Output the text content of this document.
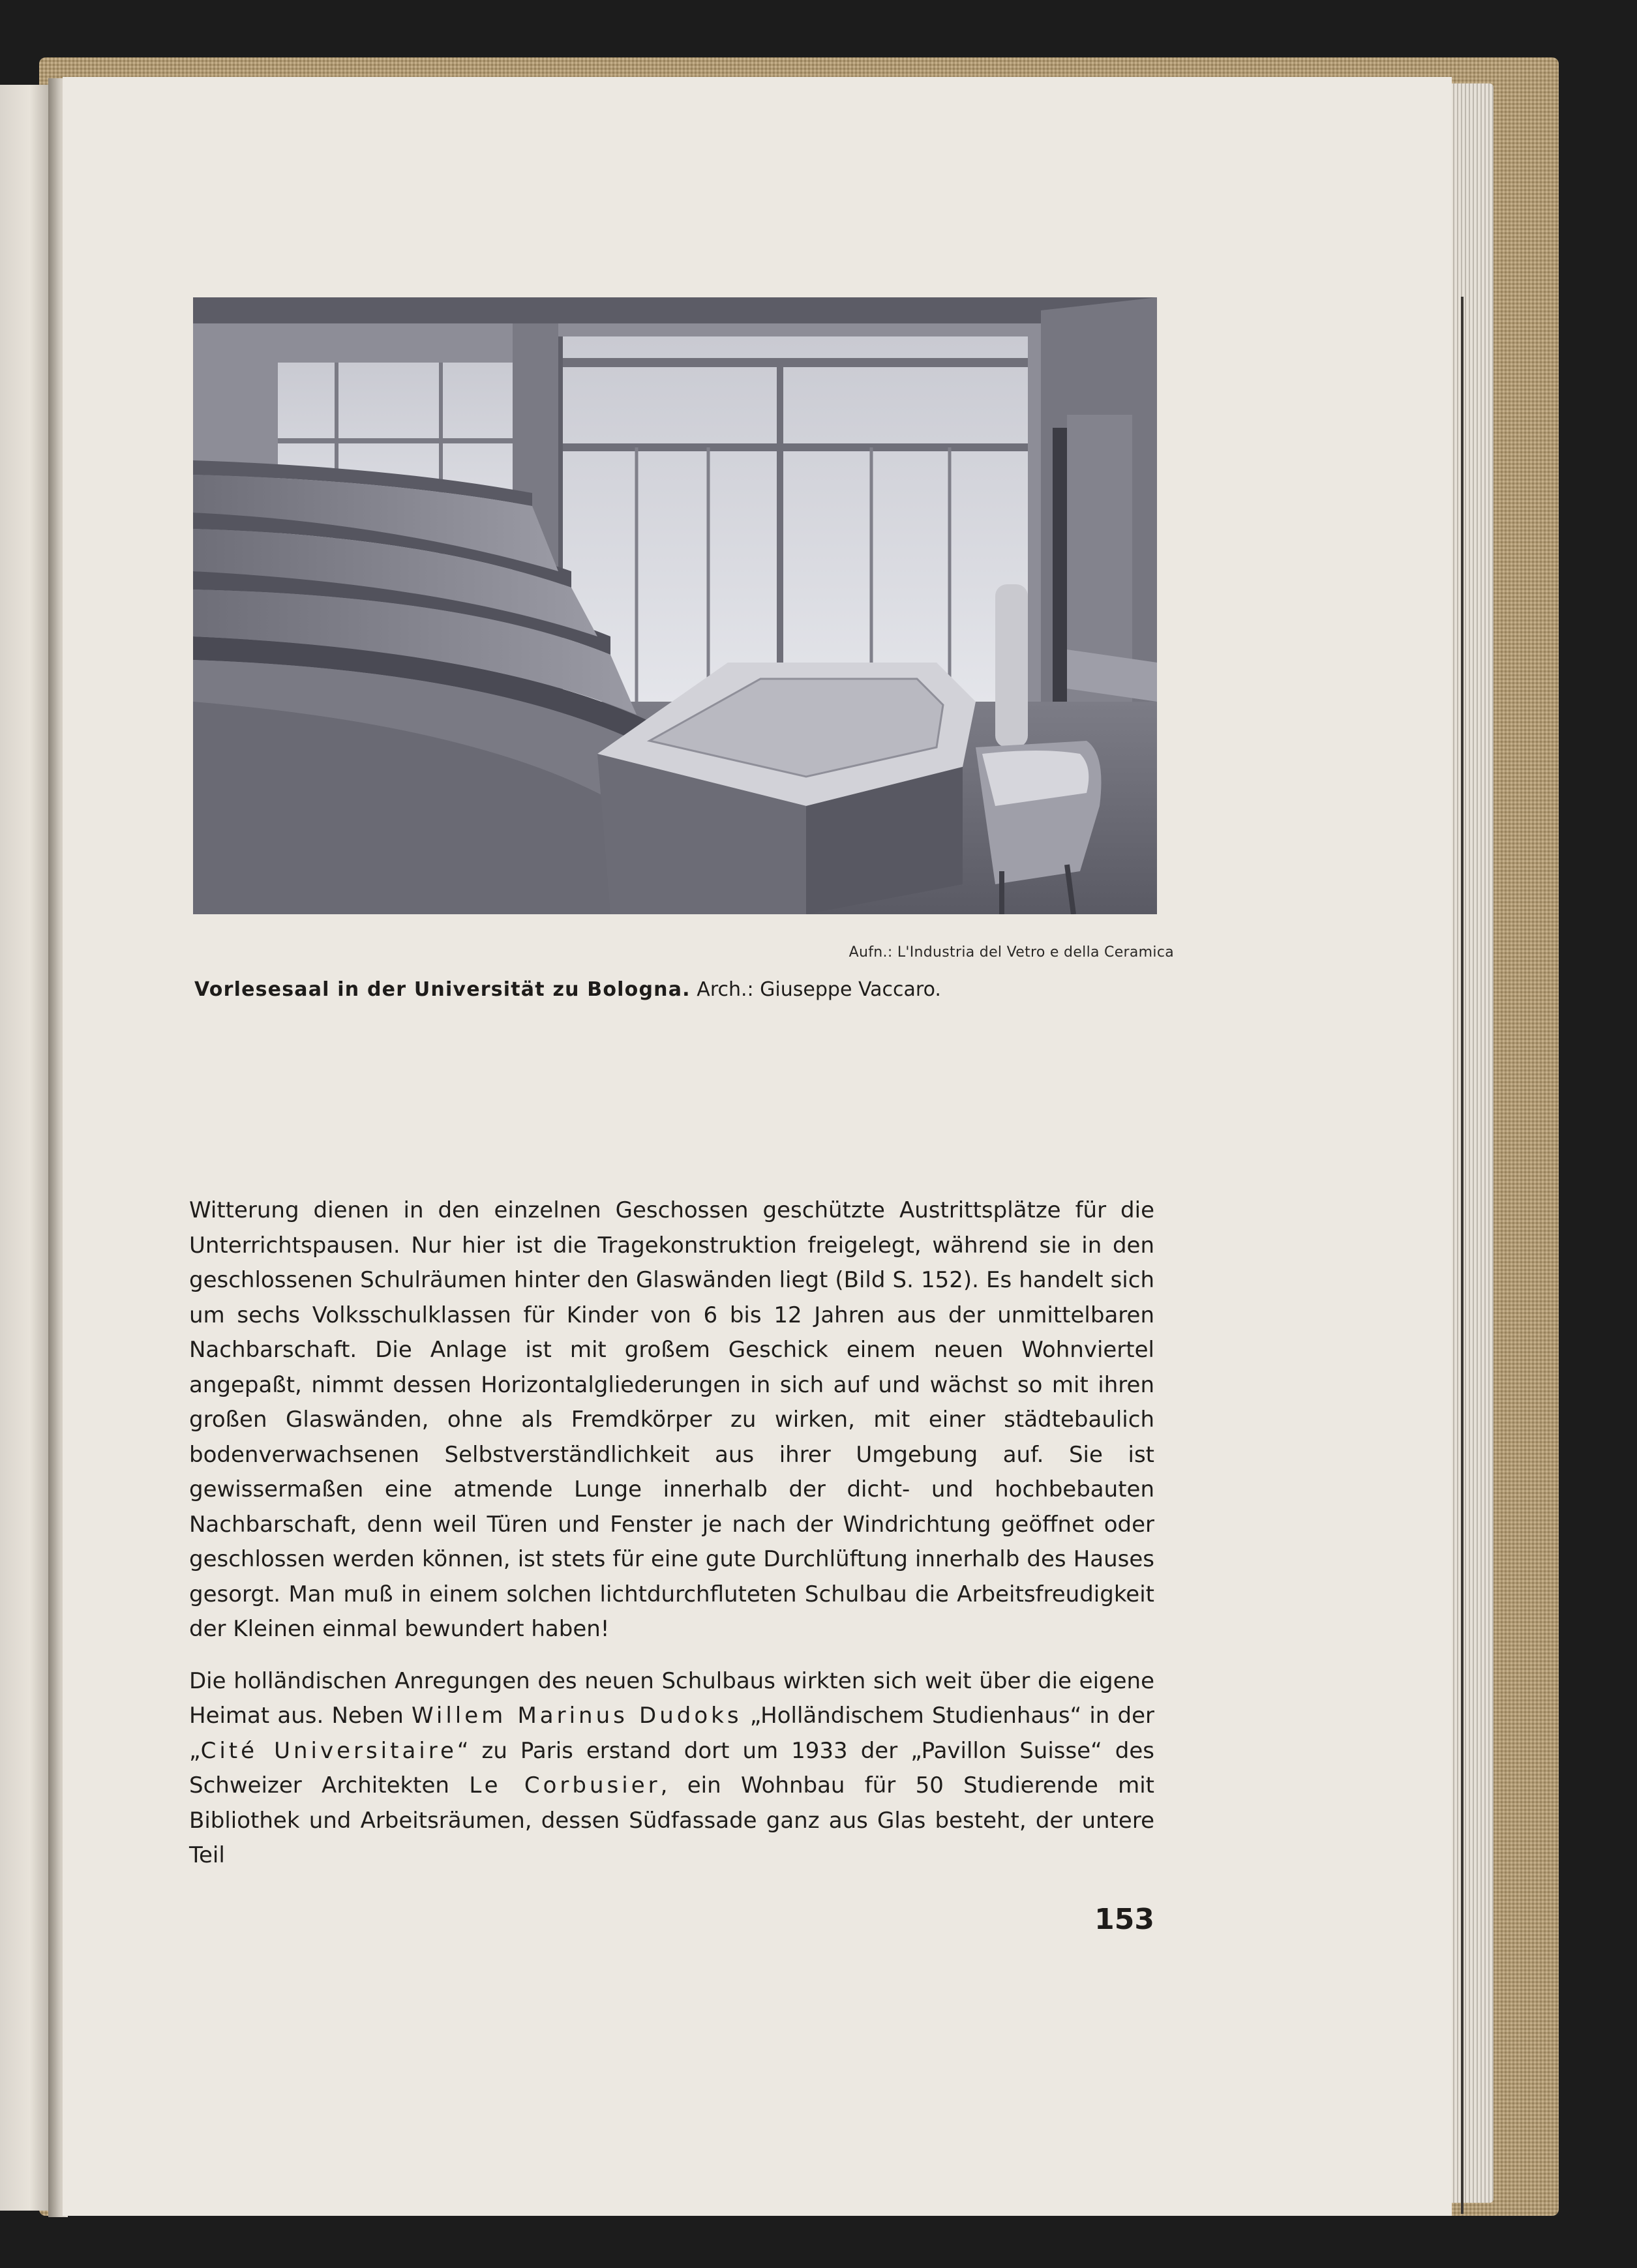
Aufn.: L'Industria del Vetro e della Ceramica
Vorlesesaal in der Universität zu Bologna. Arch.: Giuseppe Vaccaro.

Witterung dienen in den einzelnen Geschossen geschützte Austrittsplätze für die Unterrichtspausen. Nur hier ist die Tragekonstruktion freigelegt, während sie in den geschlossenen Schulräumen hinter den Glaswänden liegt (Bild S. 152). Es handelt sich um sechs Volksschulklassen für Kinder von 6 bis 12 Jahren aus der unmittelbaren Nachbarschaft. Die Anlage ist mit großem Geschick einem neuen Wohnviertel angepaßt, nimmt dessen Horizontalgliederungen in sich auf und wächst so mit ihren großen Glaswänden, ohne als Fremdkörper zu wirken, mit einer städtebaulich bodenverwachsenen Selbstverständlichkeit aus ihrer Umgebung auf. Sie ist gewissermaßen eine atmende Lunge innerhalb der dicht- und hochbebauten Nachbarschaft, denn weil Türen und Fenster je nach der Windrichtung geöffnet oder geschlossen werden können, ist stets für eine gute Durchlüftung innerhalb des Hauses gesorgt. Man muß in einem solchen lichtdurchfluteten Schulbau die Arbeitsfreudigkeit der Kleinen einmal bewundert haben!

Die holländischen Anregungen des neuen Schulbaus wirkten sich weit über die eigene Heimat aus. Neben Willem Marinus Dudoks „Holländischem Studienhaus“ in der „Cité Universitaire“ zu Paris erstand dort um 1933 der „Pavillon Suisse“ des Schweizer Architekten Le Corbusier, ein Wohnbau für 50 Studierende mit Bibliothek und Arbeitsräumen, dessen Südfassade ganz aus Glas besteht, der untere Teil

153
